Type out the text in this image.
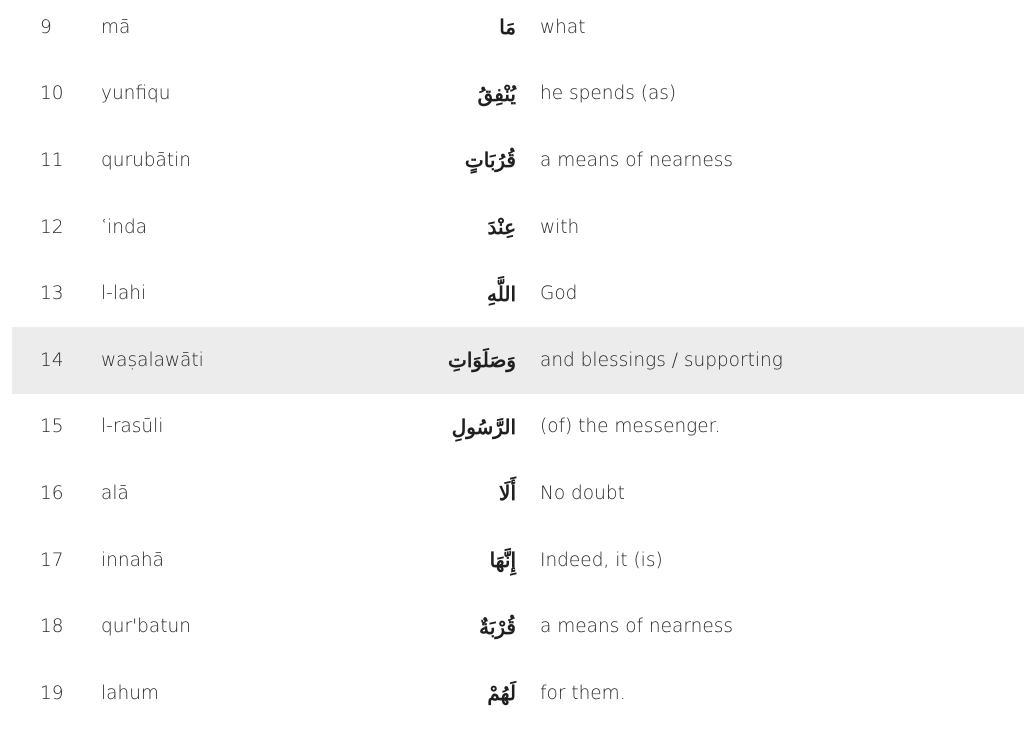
9	mā	مَا what
10	yunfiqu	يُنْفِقُ he spends (as)
11	qurubātin	قُرُبَاتٍ a means of nearness
12	ʿinda	عِنْدَ with
13	l-lahi	اللَّهِ God
14	waṣalawāti	وَصَلَوَاتِ and blessings / supporting
15	l-rasūli	الرَّسُولِ (of) the messenger.
16	alā	أَلَا No doubt
17	innahā	إِنَّهَا Indeed, it (is)
18	qur'batun	قُرْبَةٌ a means of nearness
19	lahum	لَهُمْ for them.
